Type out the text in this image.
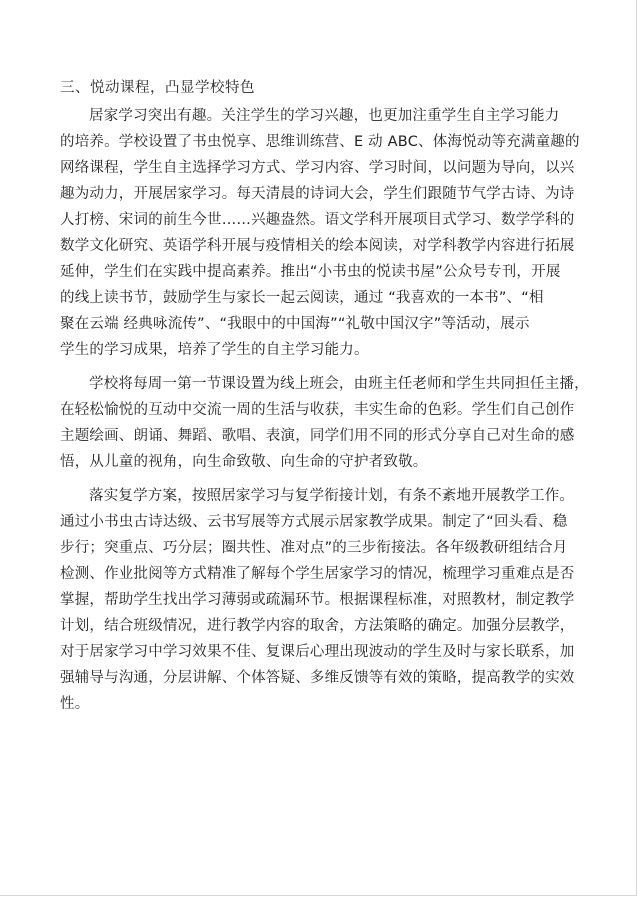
三、悦动课程，凸显学校特色
居家学习突出有趣。关注学生的学习兴趣，也更加注重学生自主学习能力
的培养。学校设置了书虫悦享、思维训练营、E 动 ABC、体海悦动等充满童趣的
网络课程，学生自主选择学习方式、学习内容、学习时间，以问题为导向，以兴
趣为动力，开展居家学习。每天清晨的诗词大会，学生们跟随节气学古诗、为诗
人打榜、宋词的前生今世……兴趣盎然。语文学科开展项目式学习、数学学科的
数学文化研究、英语学科开展与疫情相关的绘本阅读，对学科教学内容进行拓展
延伸，学生们在实践中提高素养。推出“小书虫的悦读书屋”公众号专刊，开展
的线上读书节，鼓励学生与家长一起云阅读，通过 “我喜欢的一本书”、“相
聚在云端 经典咏流传”、“我眼中的中国海”“礼敬中国汉字”等活动，展示
学生的学习成果，培养了学生的自主学习能力。
学校将每周一第一节课设置为线上班会，由班主任老师和学生共同担任主播，
在轻松愉悦的互动中交流一周的生活与收获，丰实生命的色彩。学生们自己创作
主题绘画、朗诵、舞蹈、歌唱、表演，同学们用不同的形式分享自己对生命的感
悟，从儿童的视角，向生命致敬、向生命的守护者致敬。
落实复学方案，按照居家学习与复学衔接计划，有条不紊地开展教学工作。
通过小书虫古诗达级、云书写展等方式展示居家教学成果。制定了“回头看、稳
步行；突重点、巧分层；圈共性、准对点”的三步衔接法。各年级教研组结合月
检测、作业批阅等方式精准了解每个学生居家学习的情况，梳理学习重难点是否
掌握，帮助学生找出学习薄弱或疏漏环节。根据课程标准，对照教材，制定教学
计划，结合班级情况，进行教学内容的取舍，方法策略的确定。加强分层教学，
对于居家学习中学习效果不佳、复课后心理出现波动的学生及时与家长联系，加
强辅导与沟通，分层讲解、个体答疑、多维反馈等有效的策略，提高教学的实效
性。
